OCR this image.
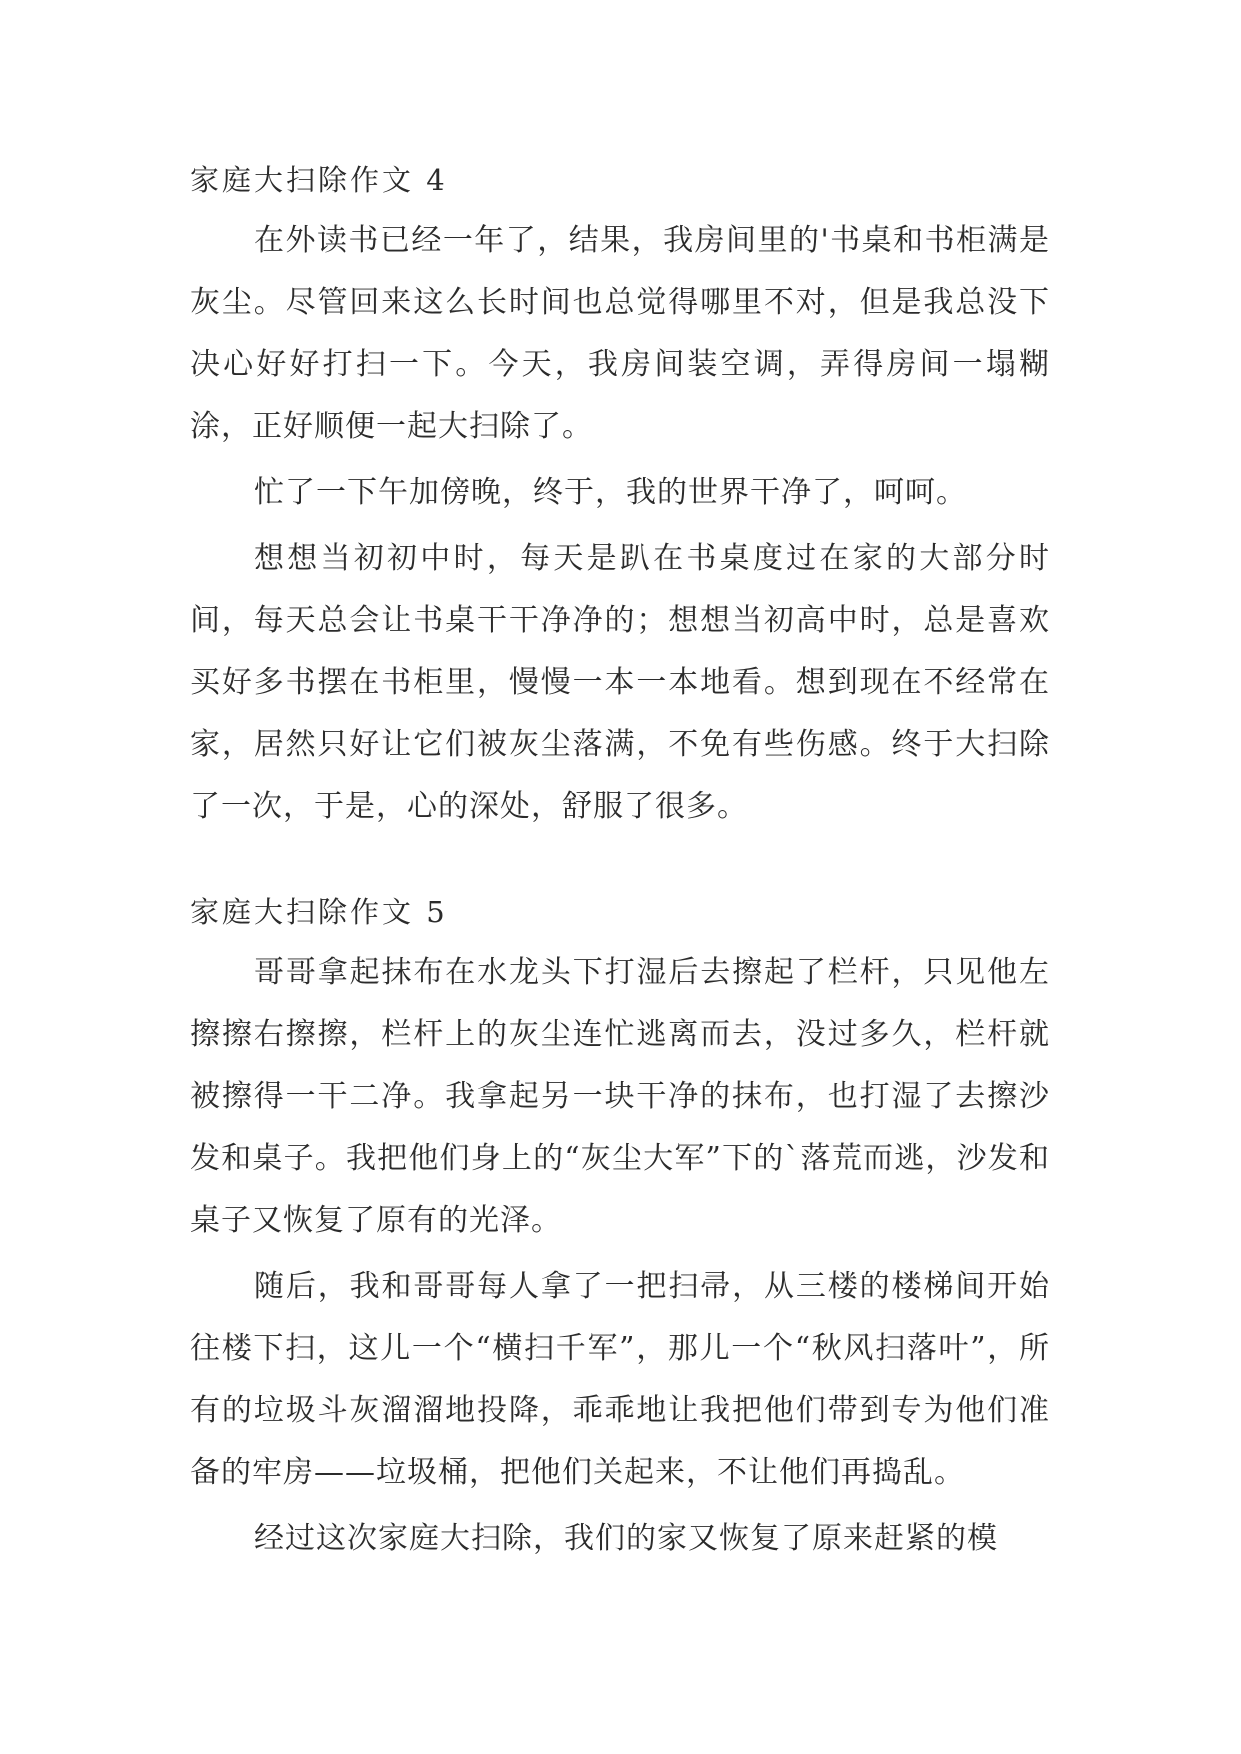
家庭大扫除作文 4

在外读书已经一年了，结果，我房间里的'书桌和书柜满是灰尘。尽管回来这么长时间也总觉得哪里不对，但是我总没下决心好好打扫一下。今天，我房间装空调，弄得房间一塌糊涂，正好顺便一起大扫除了。

忙了一下午加傍晚，终于，我的世界干净了，呵呵。

想想当初初中时，每天是趴在书桌度过在家的大部分时间，每天总会让书桌干干净净的；想想当初高中时，总是喜欢买好多书摆在书柜里，慢慢一本一本地看。想到现在不经常在家，居然只好让它们被灰尘落满，不免有些伤感。终于大扫除了一次，于是，心的深处，舒服了很多。

家庭大扫除作文 5

哥哥拿起抹布在水龙头下打湿后去擦起了栏杆，只见他左擦擦右擦擦，栏杆上的灰尘连忙逃离而去，没过多久，栏杆就被擦得一干二净。我拿起另一块干净的抹布，也打湿了去擦沙发和桌子。我把他们身上的“灰尘大军”下的`落荒而逃，沙发和桌子又恢复了原有的光泽。

随后，我和哥哥每人拿了一把扫帚，从三楼的楼梯间开始往楼下扫，这儿一个“横扫千军”，那儿一个“秋风扫落叶”，所有的垃圾斗灰溜溜地投降，乖乖地让我把他们带到专为他们准备的牢房——垃圾桶，把他们关起来，不让他们再捣乱。

经过这次家庭大扫除，我们的家又恢复了原来赶紧的模
